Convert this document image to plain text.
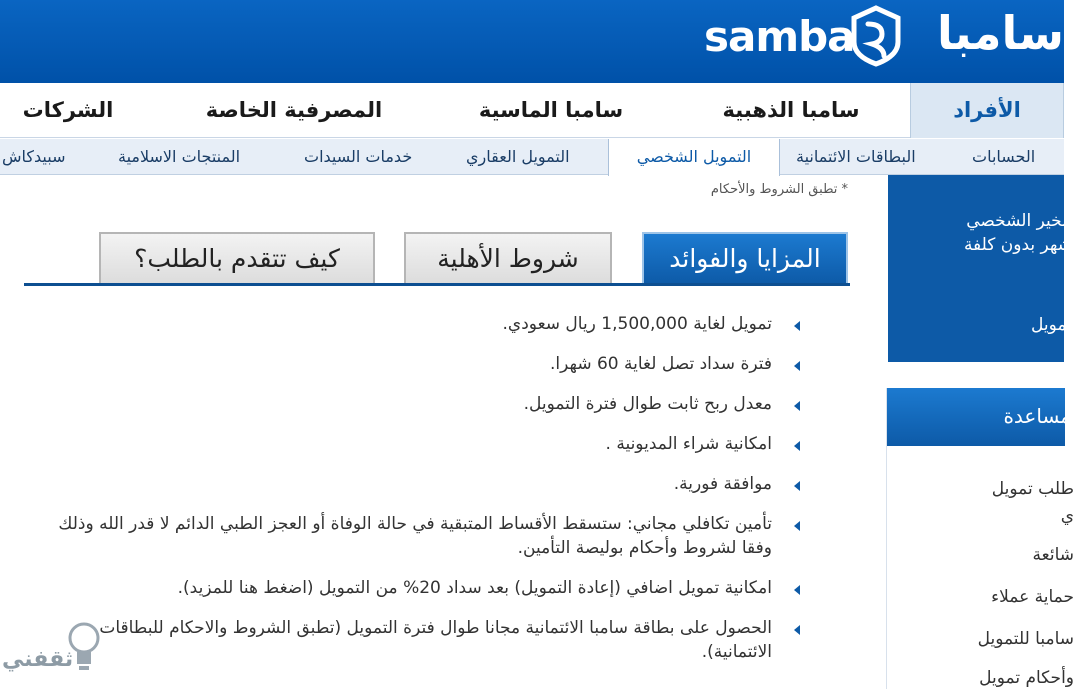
samba سامبا
الأفراد
سامبا الذهبية
سامبا الماسية
المصرفية الخاصة
الشركات
الحسابات
البطاقات الائتمانية
التمويل الشخصي
التمويل العقاري
خدمات السيدات
المنتجات الاسلامية
سبيدكاش
* تطبق الشروط والأحكام
المزايا والفوائد
شروط الأهلية
كيف تتقدم بالطلب؟
تمويل لغاية 1,500,000 ريال سعودي.
فترة سداد تصل لغاية 60 شهرا.
معدل ربح ثابت طوال فترة التمويل.
امكانية شراء المديونية .
موافقة فورية.
تأمين تكافلي مجاني: ستسقط الأقساط المتبقية في حالة الوفاة أو العجز الطبي الدائم لا قدر الله وذلك وفقا لشروط وأحكام بوليصة التأمين.
امكانية تمويل اضافي (إعادة التمويل) بعد سداد 20% من التمويل (اضغط هنا للمزيد).
الحصول على بطاقة سامبا الائتمانية مجانا طوال فترة التمويل (تطبق الشروط والاحكام للبطاقات الائتمانية).
الخير الشخصي
شهر بدون كلفة
تمويل
مساعدة
طلب تمويل
ي
شائعة
حماية عملاء
سامبا للتمويل
وأحكام تمويل
ثقفني
